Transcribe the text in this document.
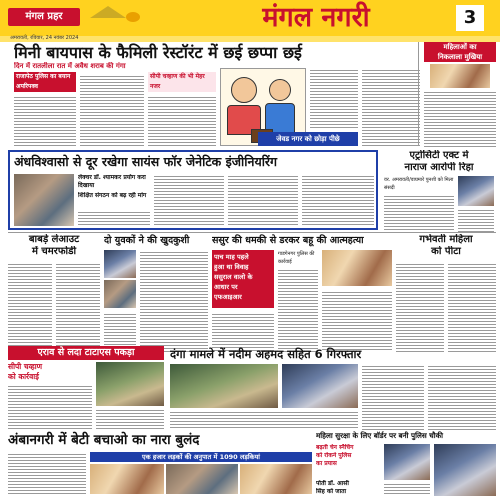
मंगल प्रहर	मंगल नगरी	3
अमरावती, रविवार, 24 नवंबर 2024
मिनी बायपास के फैमिली रेस्टॉरंट में छई छप्पा छई
दिन में रातलीला रात में अवैध शराब की गंगा
राजापेठ पुलिस का बयान अपरिपक्व
सीपी चव्हाण की भी मेहर नजर
जेवड नगर को छोड़ा पीछे
महिलाओं का
निकलाला मुखिया
अंधविश्वासो से दूर रखेगा सायंस फॉर जेनेटिक इंजीनियरिंग
लेक्चर डॉ. श्यामकर प्रयोग करा दिखाया
शिक्षित संगठन को बढ़ रही मांग
एट्रोसिटी एक्ट मे
नाराज आरोपी रिहा
वर. अमरावती/वाघमारे पुनशी को मिला संसदी
बाबड़े लेआउट
में चमरफोडी
दो युवकों ने की खुदकुशी	ससुर की धमकी से डरकर बहू की आत्महत्या
पाच माह पहले
हुआ था विवाह
ससुराल वालो के
आधार पर
एफआइआर
गाडगेनगर पुलिस की कार्रवाई
गर्भवती महिला
को पीटा
एराव से लदा टाटाएस पकड़ा
सीपी चव्हाण
को कार्रवाई
दंगा मामले में नदीम अहमद सहित 6 गिरफ्तार
अंबानगरी में बेटी बचाओ का नारा बुलंद
एक हजार लड़कों की अनुपात में 1090 लड़कियां
महिला सुरक्षा के लिए बॉर्डर पर बनी पुलिस चौकी
बढ़ती चेन स्नैचिंग
को रोकने पुलिस
का प्रयास
पोती डॉ. आसी
सिंह को जाता
